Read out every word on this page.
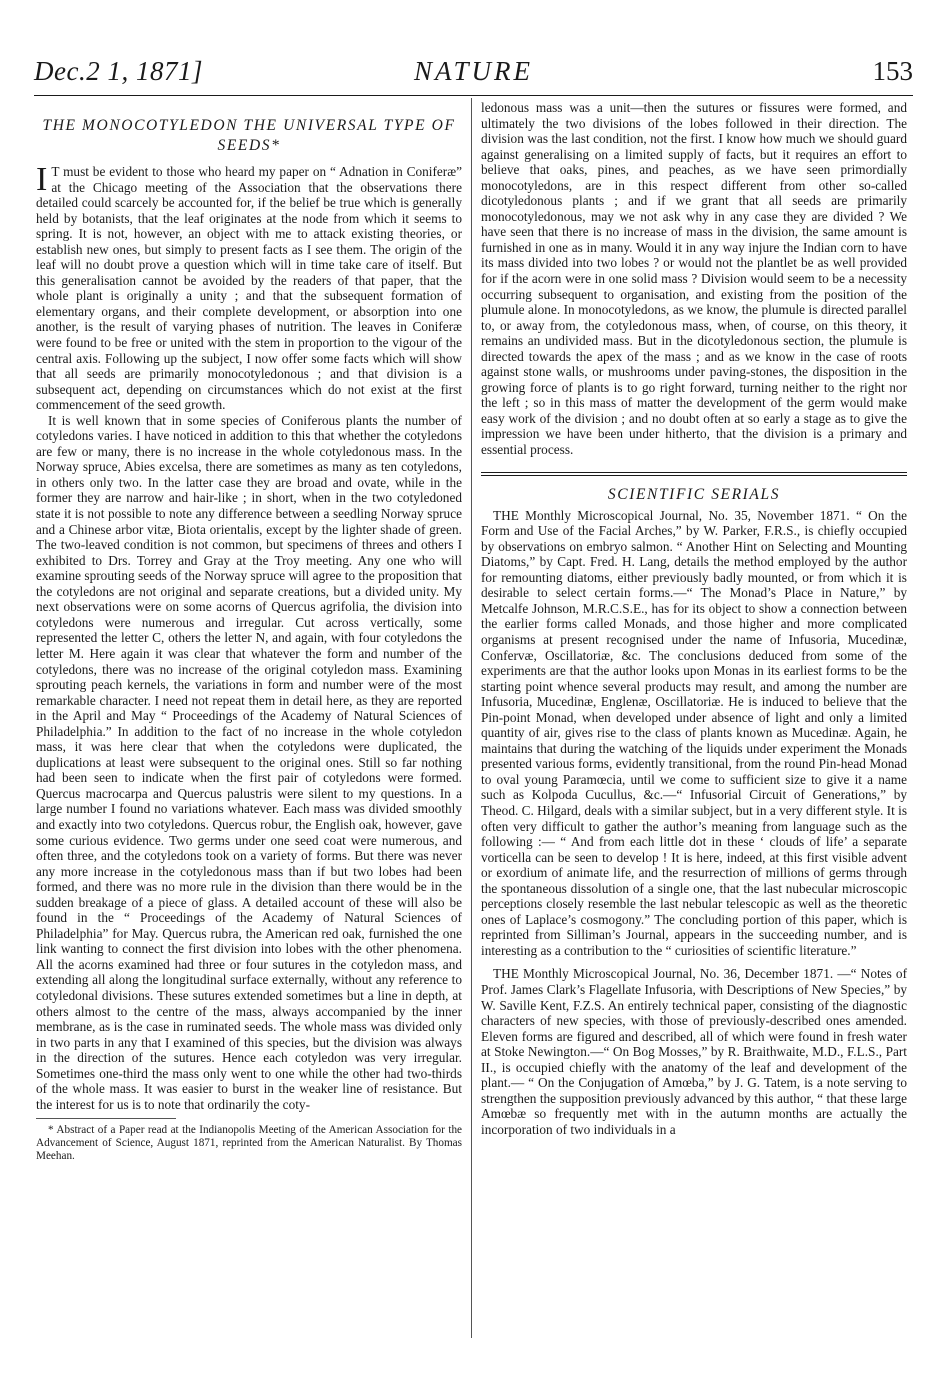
Dec.2 1, 1871]	NATURE	153
THE MONOCOTYLEDON THE UNIVERSAL TYPE OF SEEDS*

I T must be evident to those who heard my paper on “ Adnation in Coniferæ” at the Chicago meeting of the Association that the observations there detailed could scarcely be accounted for, if the belief be true which is generally held by botanists, that the leaf originates at the node from which it seems to spring. It is not, however, an object with me to attack existing theories, or establish new ones, but simply to present facts as I see them. The origin of the leaf will no doubt prove a question which will in time take care of itself. But this generalisation cannot be avoided by the readers of that paper, that the whole plant is originally a unity ; and that the subsequent formation of elementary organs, and their complete development, or absorption into one another, is the result of varying phases of nutrition. The leaves in Coniferæ were found to be free or united with the stem in proportion to the vigour of the central axis. Following up the subject, I now offer some facts which will show that all seeds are primarily monocotyledonous ; and that division is a subsequent act, depending on circumstances which do not exist at the first commencement of the seed growth.

It is well known that in some species of Coniferous plants the number of cotyledons varies. I have noticed in addition to this that whether the cotyledons are few or many, there is no increase in the whole cotyledonous mass. In the Norway spruce, Abies excelsa, there are sometimes as many as ten cotyledons, in others only two. In the latter case they are broad and ovate, while in the former they are narrow and hair-like ; in short, when in the two cotyledoned state it is not possible to note any difference between a seedling Norway spruce and a Chinese arbor vitæ, Biota orientalis, except by the lighter shade of green. The two-leaved condition is not common, but specimens of threes and others I exhibited to Drs. Torrey and Gray at the Troy meeting. Any one who will examine sprouting seeds of the Norway spruce will agree to the proposition that the cotyledons are not original and separate creations, but a divided unity. My next observations were on some acorns of Quercus agrifolia, the division into cotyledons were numerous and irregular. Cut across vertically, some represented the letter C, others the letter N, and again, with four cotyledons the letter M. Here again it was clear that whatever the form and number of the cotyledons, there was no increase of the original cotyledon mass. Examining sprouting peach kernels, the variations in form and number were of the most remarkable character. I need not repeat them in detail here, as they are reported in the April and May “ Proceedings of the Academy of Natural Sciences of Philadelphia.” In addition to the fact of no increase in the whole cotyledon mass, it was here clear that when the cotyledons were duplicated, the duplications at least were subsequent to the original ones. Still so far nothing had been seen to indicate when the first pair of cotyledons were formed. Quercus macrocarpa and Quercus palustris were silent to my questions. In a large number I found no variations whatever. Each mass was divided smoothly and exactly into two cotyledons. Quercus robur, the English oak, however, gave some curious evidence. Two germs under one seed coat were numerous, and often three, and the cotyledons took on a variety of forms. But there was never any more increase in the cotyledonous mass than if but two lobes had been formed, and there was no more rule in the division than there would be in the sudden breakage of a piece of glass. A detailed account of these will also be found in the “ Proceedings of the Academy of Natural Sciences of Philadelphia” for May. Quercus rubra, the American red oak, furnished the one link wanting to connect the first division into lobes with the other phenomena. All the acorns examined had three or four sutures in the cotyledon mass, and extending all along the longitudinal surface externally, without any reference to cotyledonal divisions. These sutures extended sometimes but a line in depth, at others almost to the centre of the mass, always accompanied by the inner membrane, as is the case in ruminated seeds. The whole mass was divided only in two parts in any that I examined of this species, but the division was always in the direction of the sutures. Hence each cotyledon was very irregular. Sometimes one-third the mass only went to one while the other had two-thirds of the whole mass. It was easier to burst in the weaker line of resistance. But the interest for us is to note that ordinarily the coty-

* Abstract of a Paper read at the Indianopolis Meeting of the American Association for the Advancement of Science, August 1871, reprinted from the American Naturalist. By Thomas Meehan.

ledonous mass was a unit—then the sutures or fissures were formed, and ultimately the two divisions of the lobes followed in their direction. The division was the last condition, not the first. I know how much we should guard against generalising on a limited supply of facts, but it requires an effort to believe that oaks, pines, and peaches, as we have seen primordially monocotyledons, are in this respect different from other so-called dicotyledonous plants ; and if we grant that all seeds are primarily monocotyledonous, may we not ask why in any case they are divided ? We have seen that there is no increase of mass in the division, the same amount is furnished in one as in many. Would it in any way injure the Indian corn to have its mass divided into two lobes ? or would not the plantlet be as well provided for if the acorn were in one solid mass ? Division would seem to be a necessity occurring subsequent to organisation, and existing from the position of the plumule alone. In monocotyledons, as we know, the plumule is directed parallel to, or away from, the cotyledonous mass, when, of course, on this theory, it remains an undivided mass. But in the dicotyledonous section, the plumule is directed towards the apex of the mass ; and as we know in the case of roots against stone walls, or mushrooms under paving-stones, the disposition in the growing force of plants is to go right forward, turning neither to the right nor the left ; so in this mass of matter the development of the germ would make easy work of the division ; and no doubt often at so early a stage as to give the impression we have been under hitherto, that the division is a primary and essential process.

SCIENTIFIC SERIALS

THE Monthly Microscopical Journal, No. 35, November 1871. “ On the Form and Use of the Facial Arches,” by W. Parker, F.R.S., is chiefly occupied by observations on embryo salmon. “ Another Hint on Selecting and Mounting Diatoms,” by Capt. Fred. H. Lang, details the method employed by the author for remounting diatoms, either previously badly mounted, or from which it is desirable to select certain forms.—“ The Monad’s Place in Nature,” by Metcalfe Johnson, M.R.C.S.E., has for its object to show a connection between the earlier forms called Monads, and those higher and more complicated organisms at present recognised under the name of Infusoria, Mucedinæ, Confervæ, Oscillatoriæ, &c. The conclusions deduced from some of the experiments are that the author looks upon Monas in its earliest forms to be the starting point whence several products may result, and among the number are Infusoria, Mucedinæ, Englenæ, Oscillatoriæ. He is induced to believe that the Pin-point Monad, when developed under absence of light and only a limited quantity of air, gives rise to the class of plants known as Mucedinæ. Again, he maintains that during the watching of the liquids under experiment the Monads presented various forms, evidently transitional, from the round Pin-head Monad to oval young Paramœcia, until we come to sufficient size to give it a name such as Kolpoda Cucullus, &c.—“ Infusorial Circuit of Generations,” by Theod. C. Hilgard, deals with a similar subject, but in a very different style. It is often very difficult to gather the author’s meaning from language such as the following :— “ And from each little dot in these ‘ clouds of life’ a separate vorticella can be seen to develop ! It is here, indeed, at this first visible advent or exordium of animate life, and the resurrection of millions of germs through the spontaneous dissolution of a single one, that the last nubecular microscopic perceptions closely resemble the last nebular telescopic as well as the theoretic ones of Laplace’s cosmogony.” The concluding portion of this paper, which is reprinted from Silliman’s Journal, appears in the succeeding number, and is interesting as a contribution to the “ curiosities of scientific literature.”

THE Monthly Microscopical Journal, No. 36, December 1871. —“ Notes of Prof. James Clark’s Flagellate Infusoria, with Descriptions of New Species,” by W. Saville Kent, F.Z.S. An entirely technical paper, consisting of the diagnostic characters of new species, with those of previously-described ones amended. Eleven forms are figured and described, all of which were found in fresh water at Stoke Newington.—“ On Bog Mosses,” by R. Braithwaite, M.D., F.L.S., Part II., is occupied chiefly with the anatomy of the leaf and development of the plant.— “ On the Conjugation of Amœba,” by J. G. Tatem, is a note serving to strengthen the supposition previously advanced by this author, “ that these large Amœbæ so frequently met with in the autumn months are actually the incorporation of two individuals in a
